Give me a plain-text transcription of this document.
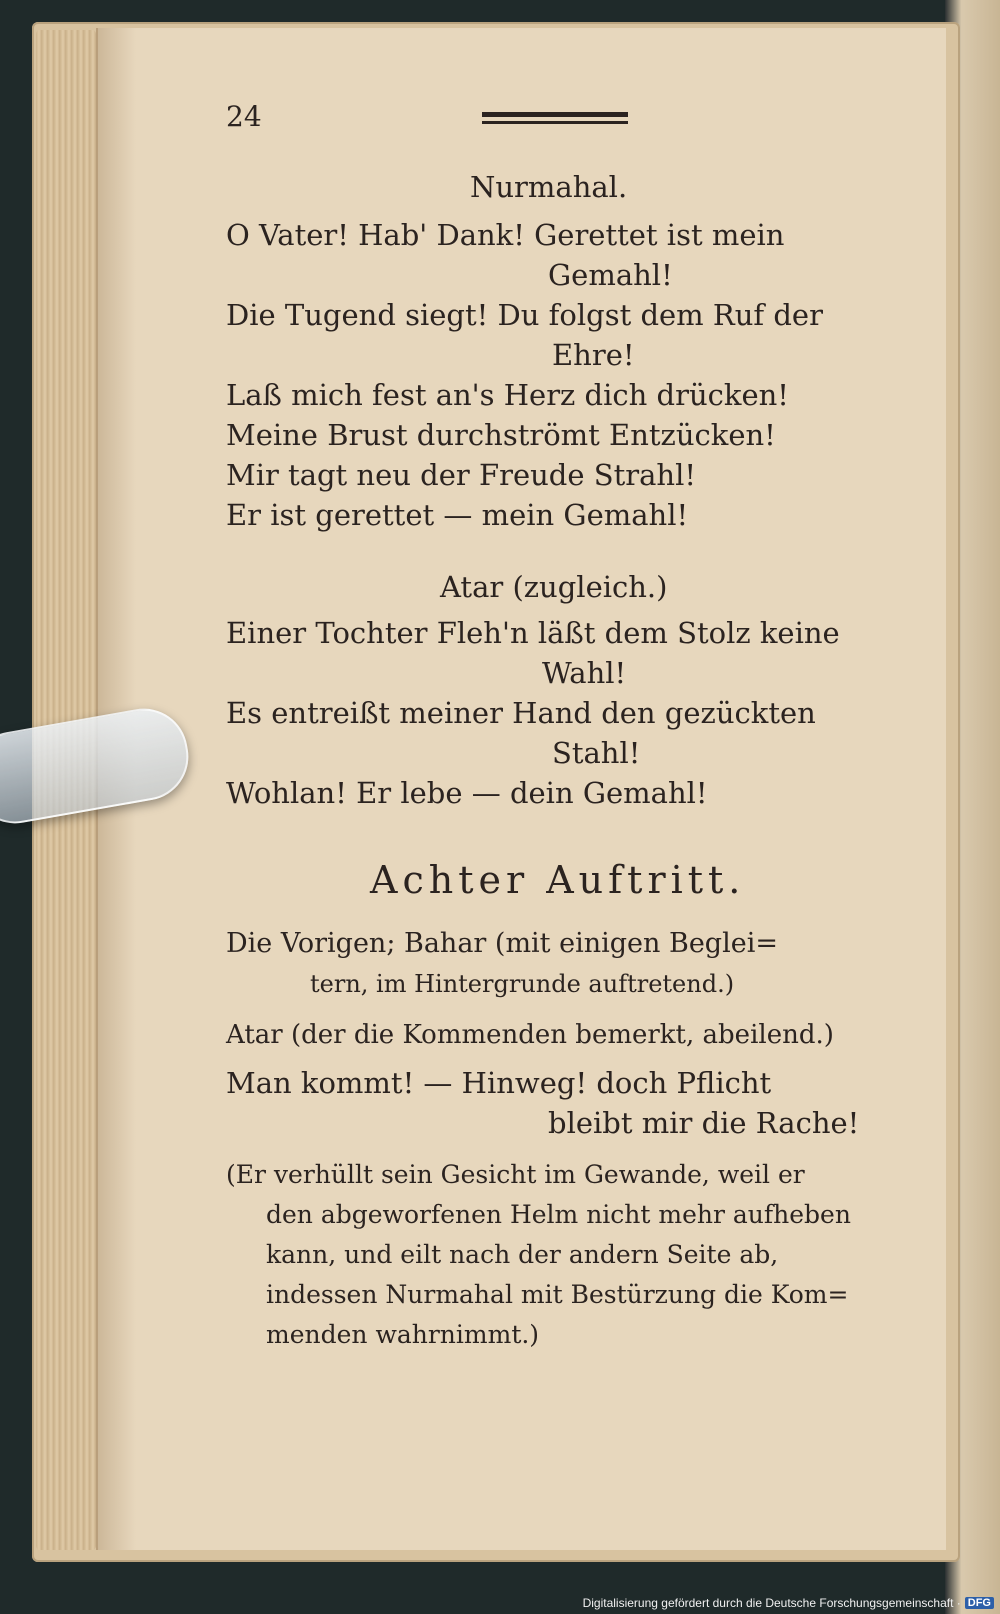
24
Nurmahal.
O Vater! Hab' Dank! Gerettet ist mein
Gemahl!
Die Tugend siegt! Du folgst dem Ruf der
Ehre!
Laß mich fest an's Herz dich drücken!
Meine Brust durchströmt Entzücken!
Mir tagt neu der Freude Strahl!
Er ist gerettet — mein Gemahl!
Atar (zugleich.)
Einer Tochter Fleh'n läßt dem Stolz keine
Wahl!
Es entreißt meiner Hand den gezückten
Stahl!
Wohlan! Er lebe — dein Gemahl!
Achter Auftritt.
Die Vorigen; Bahar (mit einigen Beglei=
tern, im Hintergrunde auftretend.)
Atar (der die Kommenden bemerkt, abeilend.)
Man kommt! — Hinweg! doch Pflicht
bleibt mir die Rache!
(Er verhüllt sein Gesicht im Gewande, weil er
den abgeworfenen Helm nicht mehr aufheben
kann, und eilt nach der andern Seite ab,
indessen Nurmahal mit Bestürzung die Kom=
menden wahrnimmt.)
Digitalisierung gefördert durch die Deutsche Forschungsgemeinschaft · DFG
